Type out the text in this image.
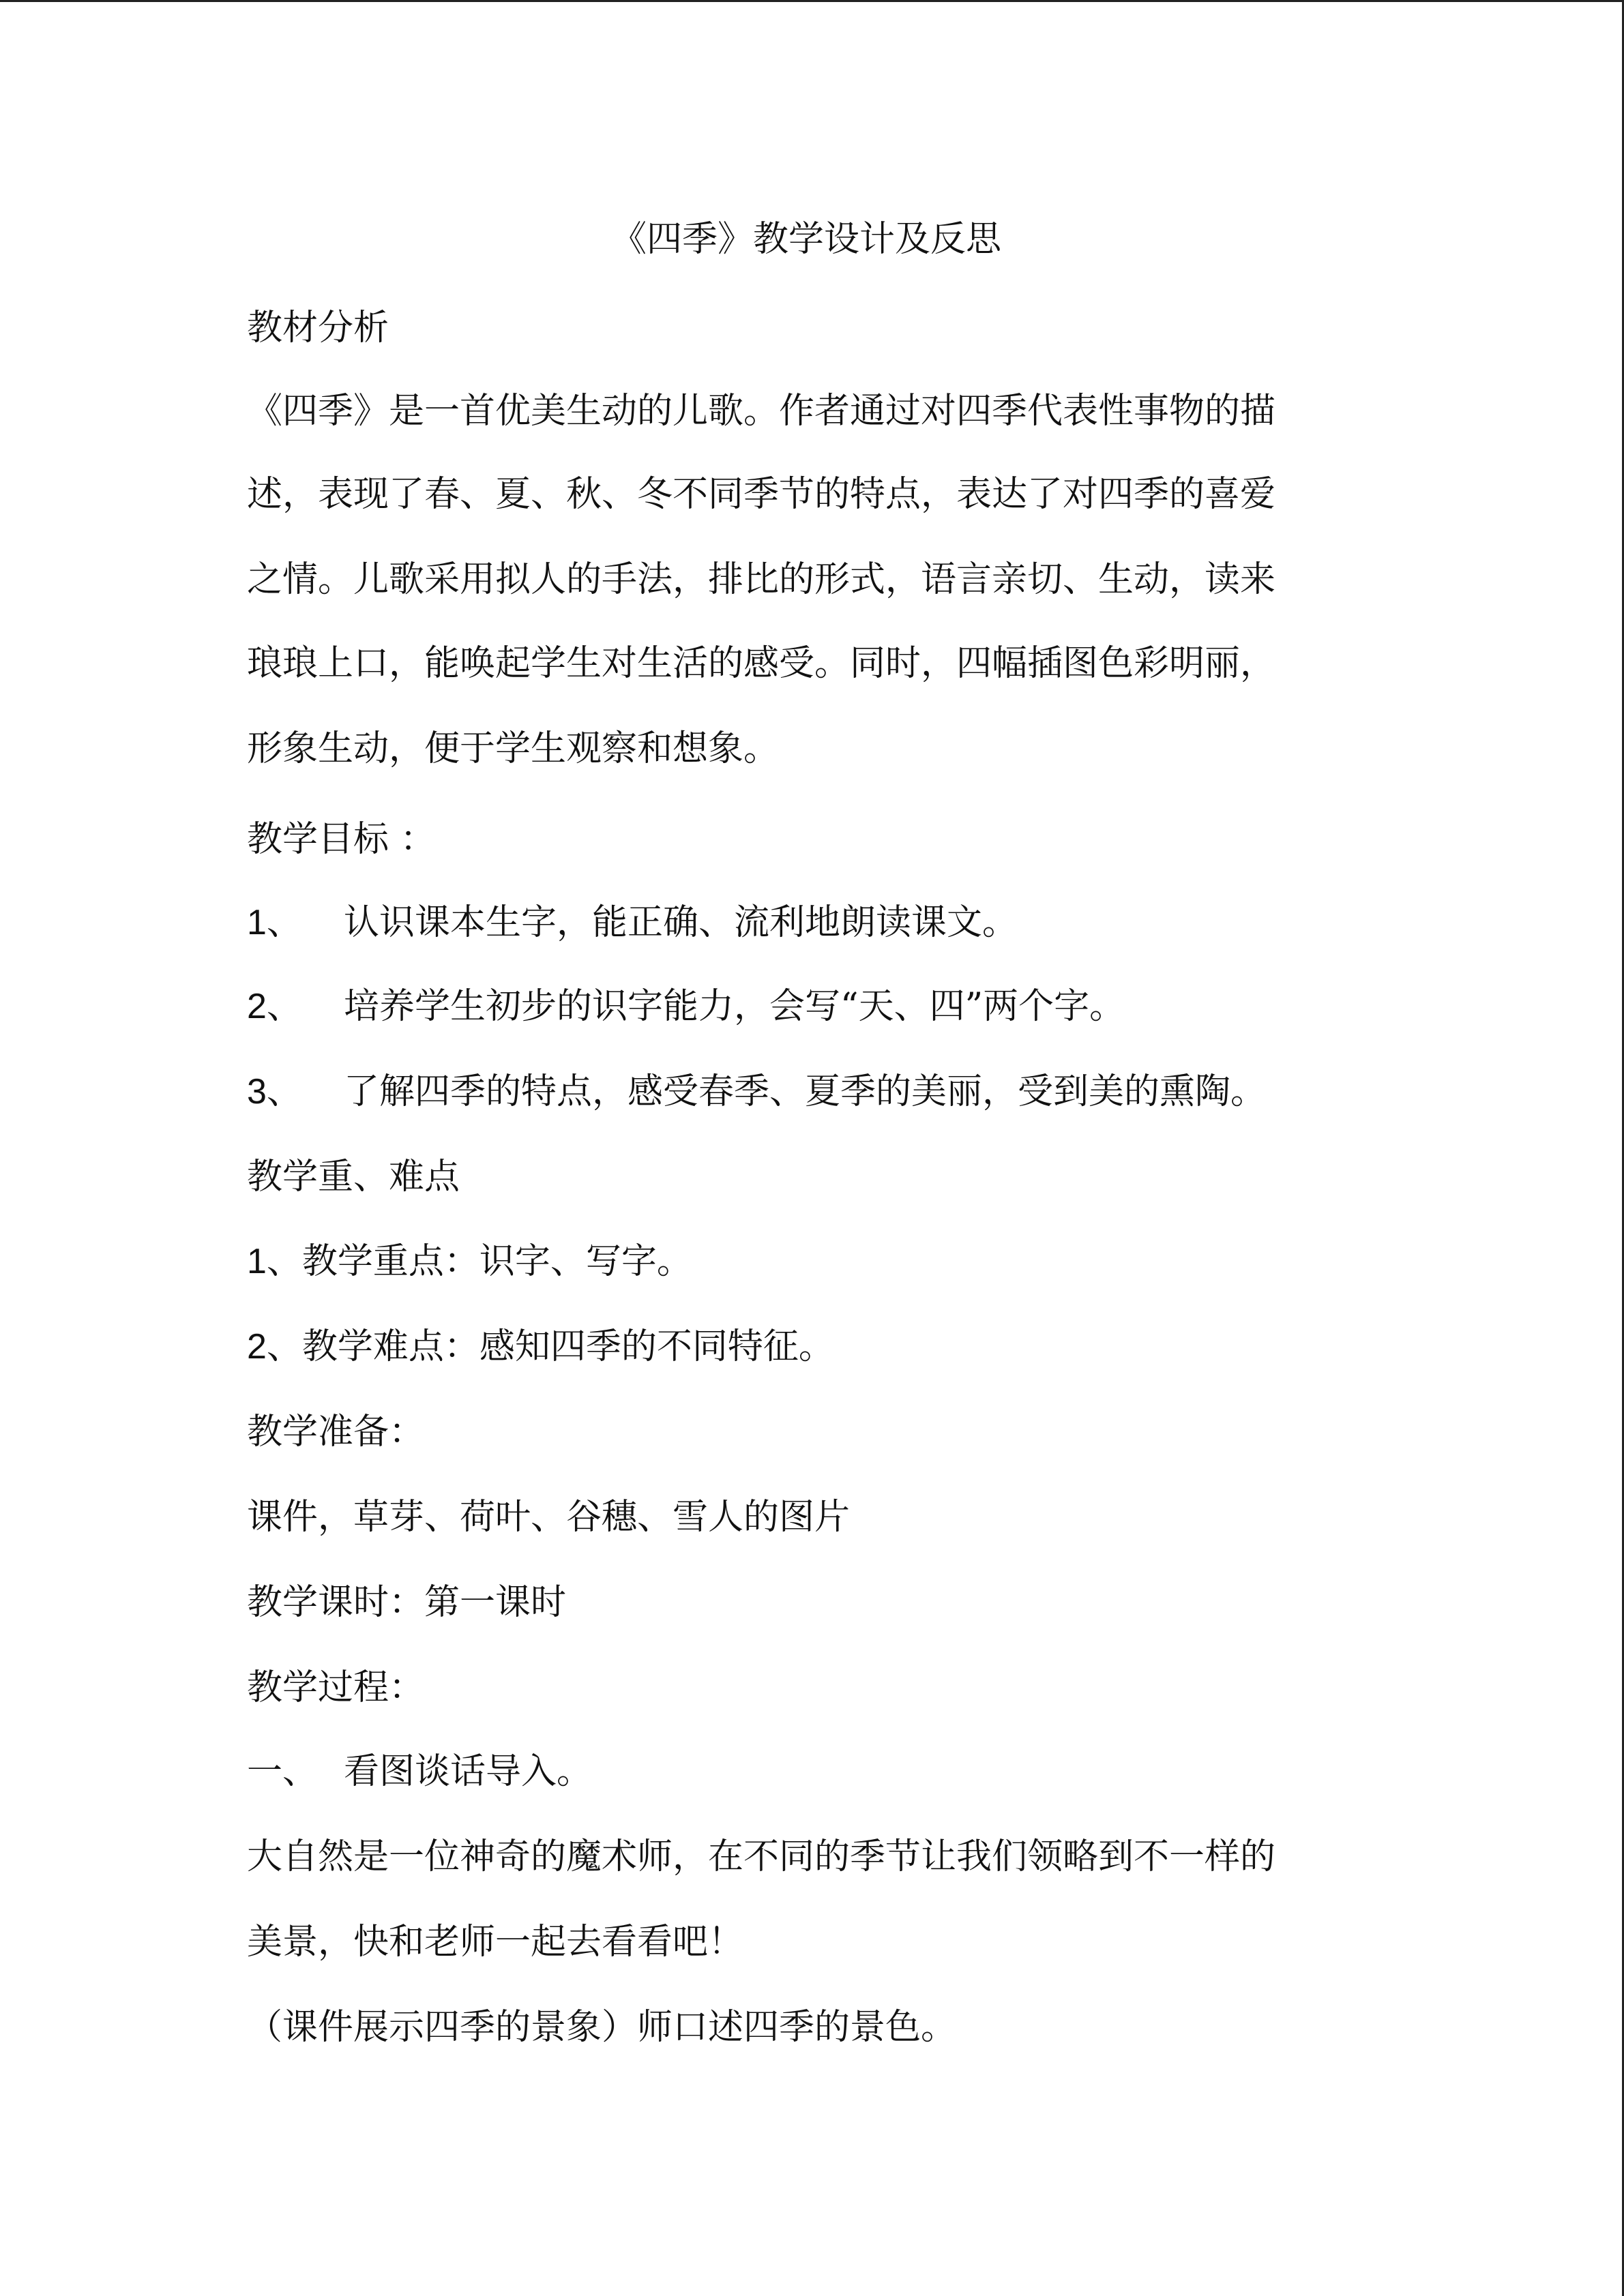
《四季》教学设计及反思
教材分析
《四季》是一首优美生动的儿歌。作者通过对四季代表性事物的描
述，表现了春、夏、秋、冬不同季节的特点，表达了对四季的喜爱
之情。儿歌采用拟人的手法，排比的形式，语言亲切、生动，读来
琅琅上口，能唤起学生对生活的感受。同时，四幅插图色彩明丽，
形象生动，便于学生观察和想象。
教学目标 ：
1、 认识课本生字，能正确、流利地朗读课文。
2、 培养学生初步的识字能力，会写“天、四”两个字。
3、 了解四季的特点，感受春季、夏季的美丽，受到美的熏陶。
教学重、难点
1、教学重点：识字、写字。
2、教学难点：感知四季的不同特征。
教学准备：
课件，草芽、荷叶、谷穗、雪人的图片
教学课时：第一课时
教学过程：
一、 看图谈话导入。
大自然是一位神奇的魔术师，在不同的季节让我们领略到不一样的
美景，快和老师一起去看看吧！
（课件展示四季的景象）师口述四季的景色。
